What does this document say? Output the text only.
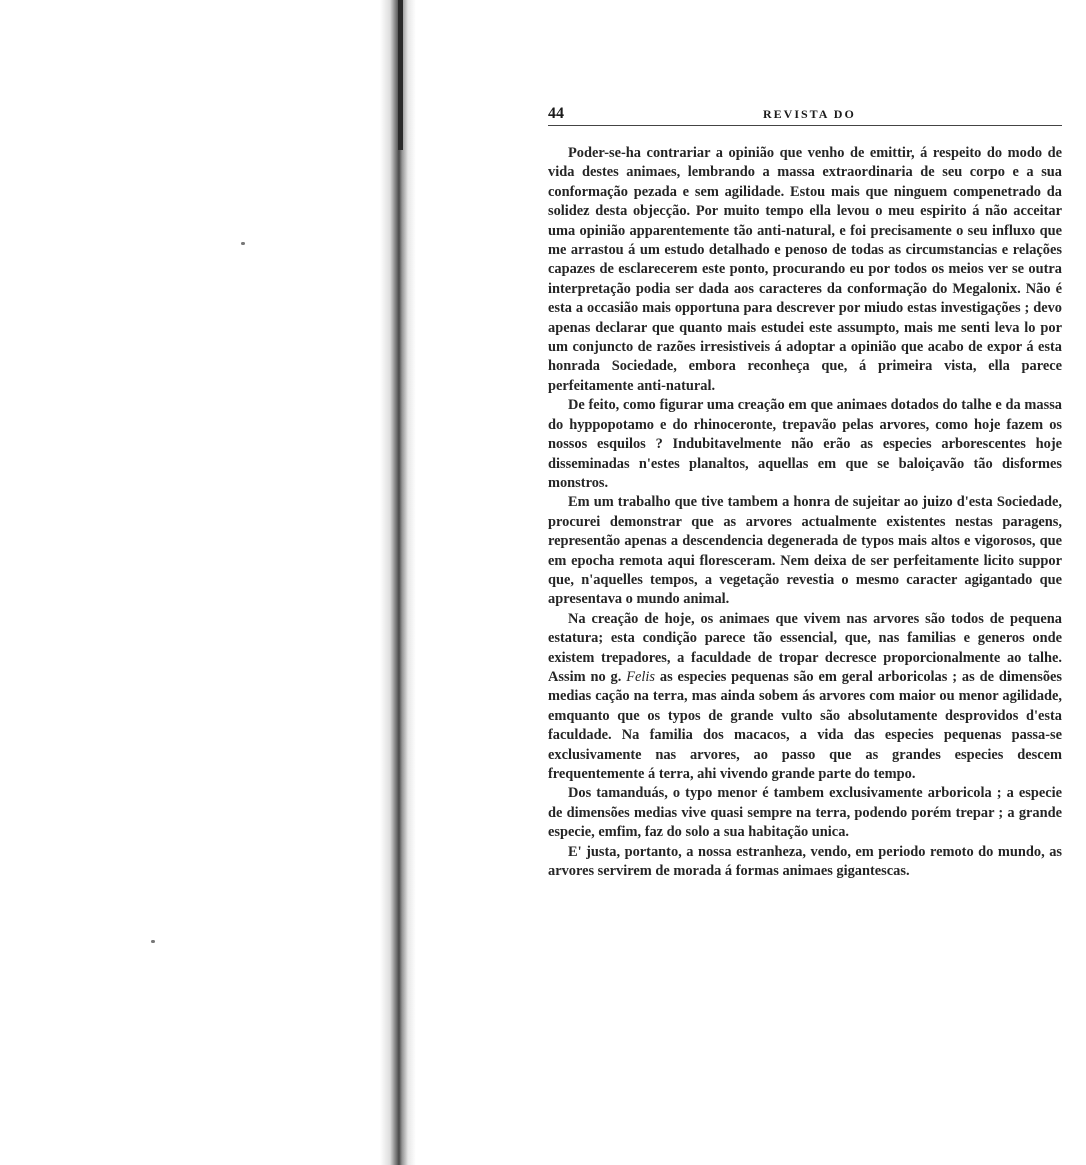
44	REVISTA DO

Poder-se-ha contrariar a opinião que venho de emittir, á respeito do modo de vida destes animaes, lembrando a massa extraordinaria de seu corpo e a sua conformação pezada e sem agilidade. Estou mais que ninguem compenetrado da solidez desta objecção. Por muito tempo ella levou o meu espirito á não acceitar uma opinião apparentemente tão anti-natural, e foi precisamente o seu influxo que me arrastou á um estudo detalhado e penoso de todas as circumstancias e relações capazes de esclarecerem este ponto, procurando eu por todos os meios ver se outra interpretação podia ser dada aos caracteres da conformação do Megalonix. Não é esta a occasião mais opportuna para descrever por miudo estas investigações ; devo apenas declarar que quanto mais estudei este assumpto, mais me senti leva lo por um conjuncto de razões irresistiveis á adoptar a opinião que acabo de expor á esta honrada Sociedade, embora reconheça que, á primeira vista, ella parece perfeitamente anti-natural.

De feito, como figurar uma creação em que animaes dotados do talhe e da massa do hyppopotamo e do rhinoceronte, trepavão pelas arvores, como hoje fazem os nossos esquilos ? Indubitavelmente não erão as especies arborescentes hoje disseminadas n'estes planaltos, aquellas em que se baloiçavão tão disformes monstros.

Em um trabalho que tive tambem a honra de sujeitar ao juizo d'esta Sociedade, procurei demonstrar que as arvores actualmente existentes nestas paragens, representão apenas a descendencia degenerada de typos mais altos e vigorosos, que em epocha remota aqui floresceram. Nem deixa de ser perfeitamente licito suppor que, n'aquelles tempos, a vegetação revestia o mesmo caracter agigantado que apresentava o mundo animal.

Na creação de hoje, os animaes que vivem nas arvores são todos de pequena estatura; esta condição parece tão essencial, que, nas familias e generos onde existem trepadores, a faculdade de tropar decresce proporcionalmente ao talhe. Assim no g. Felis as especies pequenas são em geral arboricolas ; as de dimensões medias cação na terra, mas ainda sobem ás arvores com maior ou menor agilidade, emquanto que os typos de grande vulto são absolutamente desprovidos d'esta faculdade. Na familia dos macacos, a vida das especies pequenas passa-se exclusivamente nas arvores, ao passo que as grandes especies descem frequentemente á terra, ahi vivendo grande parte do tempo.

Dos tamanduás, o typo menor é tambem exclusivamente arboricola ; a especie de dimensões medias vive quasi sempre na terra, podendo porém trepar ; a grande especie, emfim, faz do solo a sua habitação unica.

E' justa, portanto, a nossa estranheza, vendo, em periodo remoto do mundo, as arvores servirem de morada á formas animaes gigantescas.
